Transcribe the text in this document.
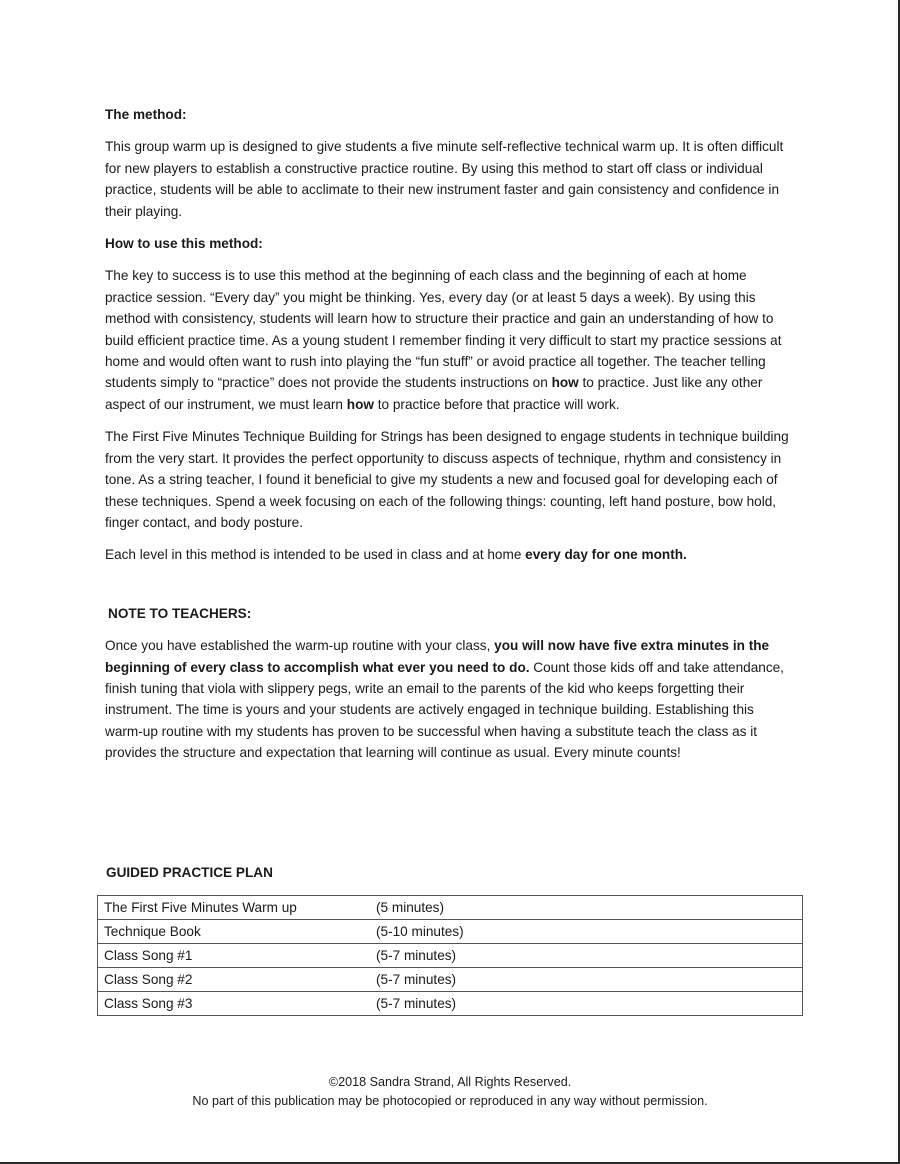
The method:

This group warm up is designed to give students a five minute self-reflective technical warm up. It is often difficult for new players to establish a constructive practice routine. By using this method to start off class or individual practice, students will be able to acclimate to their new instrument faster and gain consistency and confidence in their playing.

How to use this method:

The key to success is to use this method at the beginning of each class and the beginning of each at home practice session. “Every day” you might be thinking. Yes, every day (or at least 5 days a week). By using this method with consistency, students will learn how to structure their practice and gain an understanding of how to build efficient practice time. As a young student I remember finding it very difficult to start my practice sessions at home and would often want to rush into playing the “fun stuff” or avoid practice all together. The teacher telling students simply to “practice” does not provide the students instructions on how to practice. Just like any other aspect of our instrument, we must learn how to practice before that practice will work.

The First Five Minutes Technique Building for Strings has been designed to engage students in technique building from the very start. It provides the perfect opportunity to discuss aspects of technique, rhythm and consistency in tone. As a string teacher, I found it beneficial to give my students a new and focused goal for developing each of these techniques. Spend a week focusing on each of the following things: counting, left hand posture, bow hold, finger contact, and body posture.

Each level in this method is intended to be used in class and at home every day for one month.

NOTE TO TEACHERS:

Once you have established the warm-up routine with your class, you will now have five extra minutes in the beginning of every class to accomplish what ever you need to do. Count those kids off and take attendance, finish tuning that viola with slippery pegs, write an email to the parents of the kid who keeps forgetting their instrument. The time is yours and your students are actively engaged in technique building. Establishing this warm-up routine with my students has proven to be successful when having a substitute teach the class as it provides the structure and expectation that learning will continue as usual. Every minute counts!

GUIDED PRACTICE PLAN
The First Five Minutes Warm up	(5 minutes)
Technique Book	(5-10 minutes)
Class Song #1	(5-7 minutes)
Class Song #2	(5-7 minutes)
Class Song #3	(5-7 minutes)
©2018 Sandra Strand, All Rights Reserved.
No part of this publication may be photocopied or reproduced in any way without permission.
